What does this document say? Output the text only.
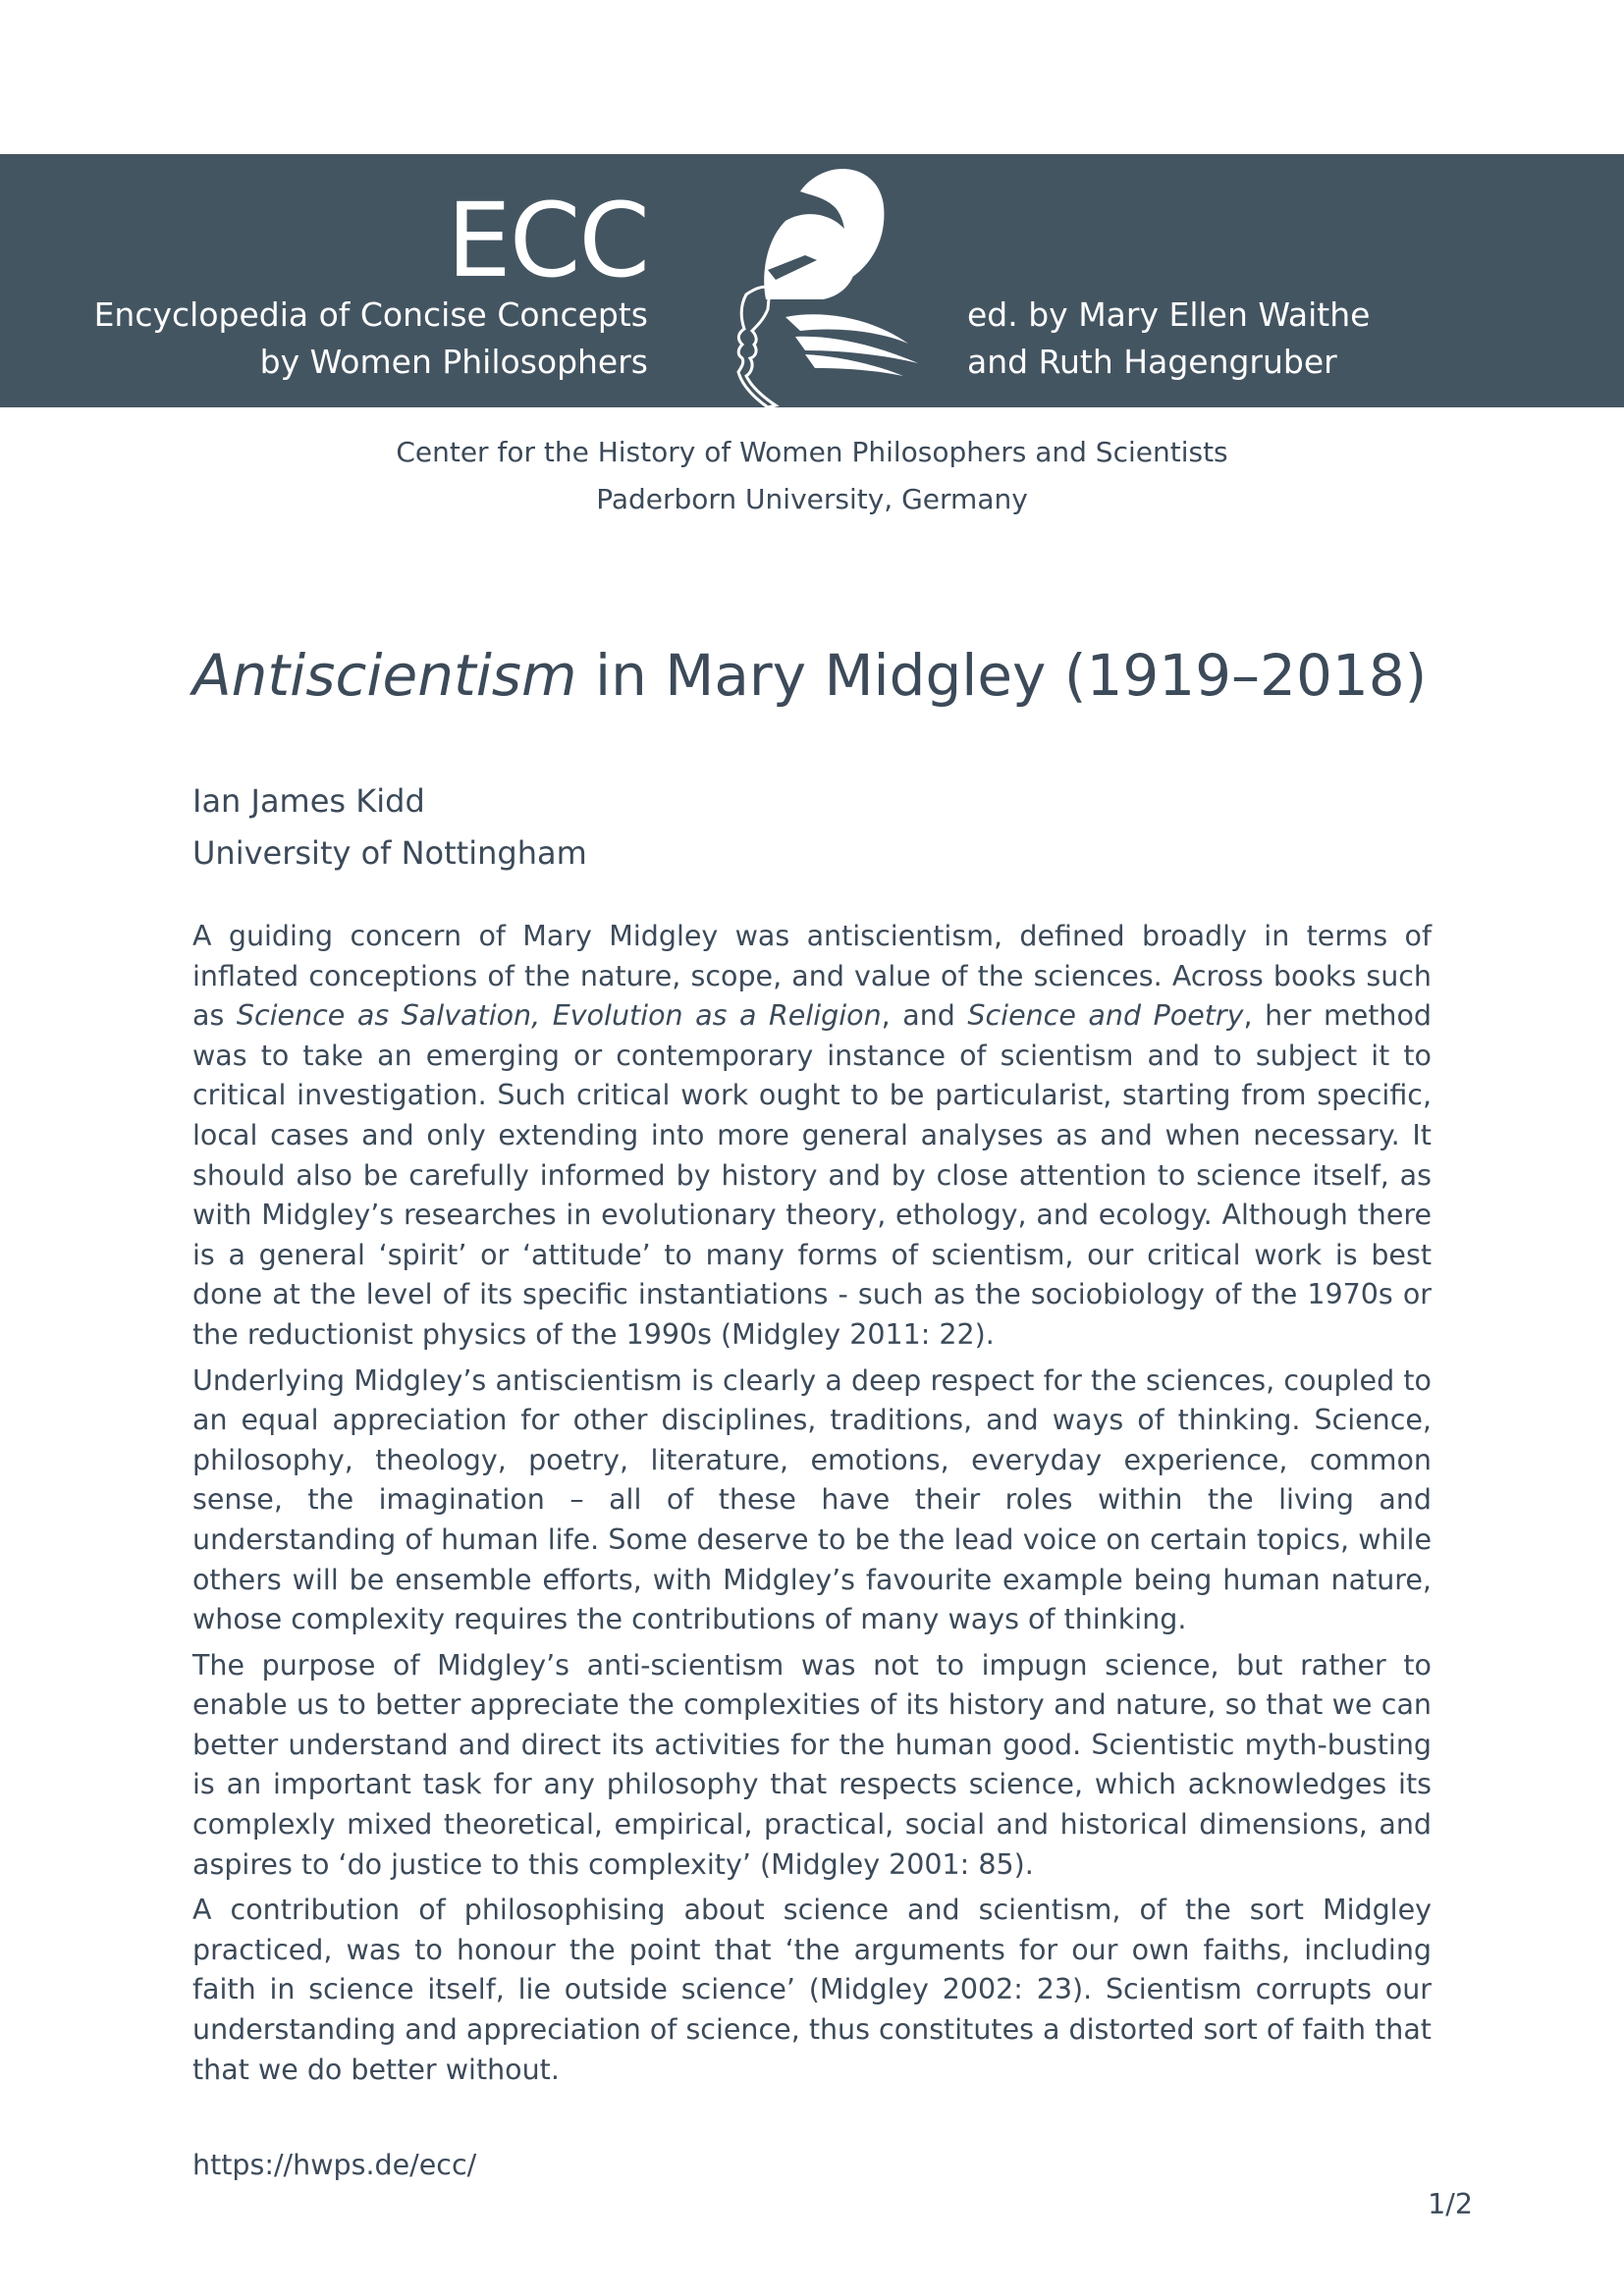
ECC
Encyclopedia of Concise Concepts
by Women Philosophers
ed. by Mary Ellen Waithe
and Ruth Hagengruber
Center for the History of Women Philosophers and Scientists
Paderborn University, Germany
Antiscientism in Mary Midgley (1919–2018)
Ian James Kidd
University of Nottingham

A guiding concern of Mary Midgley was antiscientism, defined broadly in terms of inflated conceptions of the nature, scope, and value of the sciences. Across books such as Science as Salvation, Evolution as a Religion, and Science and Poetry, her method was to take an emerging or contemporary instance of scientism and to subject it to critical investigation. Such critical work ought to be particularist, starting from specific, local cases and only extending into more general analyses as and when necessary. It should also be carefully informed by history and by close attention to science itself, as with Midgley’s researches in evolutionary theory, ethology, and ecology. Although there is a general ‘spirit’ or ‘attitude’ to many forms of scientism, our critical work is best done at the level of its specific instantiations - such as the sociobiology of the 1970s or the reductionist physics of the 1990s (Midgley 2011: 22).

Underlying Midgley’s antiscientism is clearly a deep respect for the sciences, coupled to an equal appreciation for other disciplines, traditions, and ways of thinking. Science, philosophy, theology, poetry, literature, emotions, everyday experience, common sense, the imagination – all of these have their roles within the living and understanding of human life. Some deserve to be the lead voice on certain topics, while others will be ensemble efforts, with Midgley’s favourite example being human nature, whose complexity requires the contributions of many ways of thinking.

The purpose of Midgley’s anti-scientism was not to impugn science, but rather to enable us to better appreciate the complexities of its history and nature, so that we can better understand and direct its activities for the human good. Scientistic myth-busting is an important task for any philosophy that respects science, which acknowledges its complexly mixed theoretical, empirical, practical, social and historical dimensions, and aspires to ‘do justice to this complexity’ (Midgley 2001: 85).

A contribution of philosophising about science and scientism, of the sort Midgley practiced, was to honour the point that ‘the arguments for our own faiths, including faith in science itself, lie outside science’ (Midgley 2002: 23). Scientism corrupts our understanding and appreciation of science, thus constitutes a distorted sort of faith that that we do better without.

https://hwps.de/ecc/
1/2
